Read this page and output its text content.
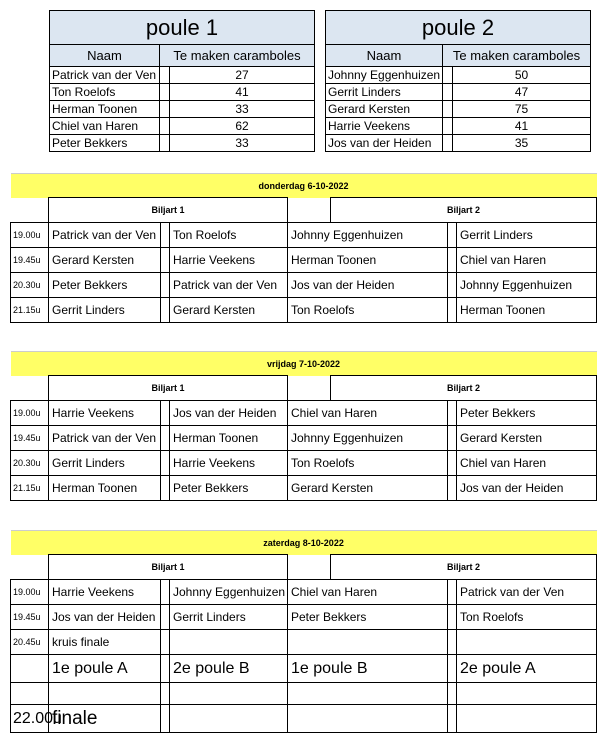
poule 1		
Naam	Te maken caramboles	
Patrick van der Ven		27
Ton Roelofs		41
Herman Toonen		33
Chiel van Haren		62
Peter Bekkers		33
poule 2		
Naam	Te maken caramboles	
Johnny Eggenhuizen		50
Gerrit Linders		47
Gerard Kersten		75
Harrie Veekens		41
Jos van der Heiden		35
donderdag 6-10-2022							
	Biljart 1				Biljart 2		
19.00u	Patrick van der Ven		Ton Roelofs	Johnny Eggenhuizen			Gerrit Linders
19.45u	Gerard Kersten		Harrie Veekens	Herman Toonen			Chiel van Haren
20.30u	Peter Bekkers		Patrick van der Ven	Jos van der Heiden			Johnny Eggenhuizen
21.15u	Gerrit Linders		Gerard Kersten	Ton Roelofs			Herman Toonen
vrijdag 7-10-2022							
	Biljart 1				Biljart 2		
19.00u	Harrie Veekens		Jos van der Heiden	Chiel van Haren			Peter Bekkers
19.45u	Patrick van der Ven		Herman Toonen	Johnny Eggenhuizen			Gerard Kersten
20.30u	Gerrit Linders		Harrie Veekens	Ton Roelofs			Chiel van Haren
21.15u	Herman Toonen		Peter Bekkers	Gerard Kersten			Jos van der Heiden
zaterdag 8-10-2022							
	Biljart 1				Biljart 2		
19.00u	Harrie Veekens		Johnny Eggenhuizen	Chiel van Haren			Patrick van der Ven
19.45u	Jos van der Heiden		Gerrit Linders	Peter Bekkers			Ton Roelofs
20.45u	kruis finale						
	1e poule A		2e poule B	1e poule B			2e poule A

22.00u	finale						
